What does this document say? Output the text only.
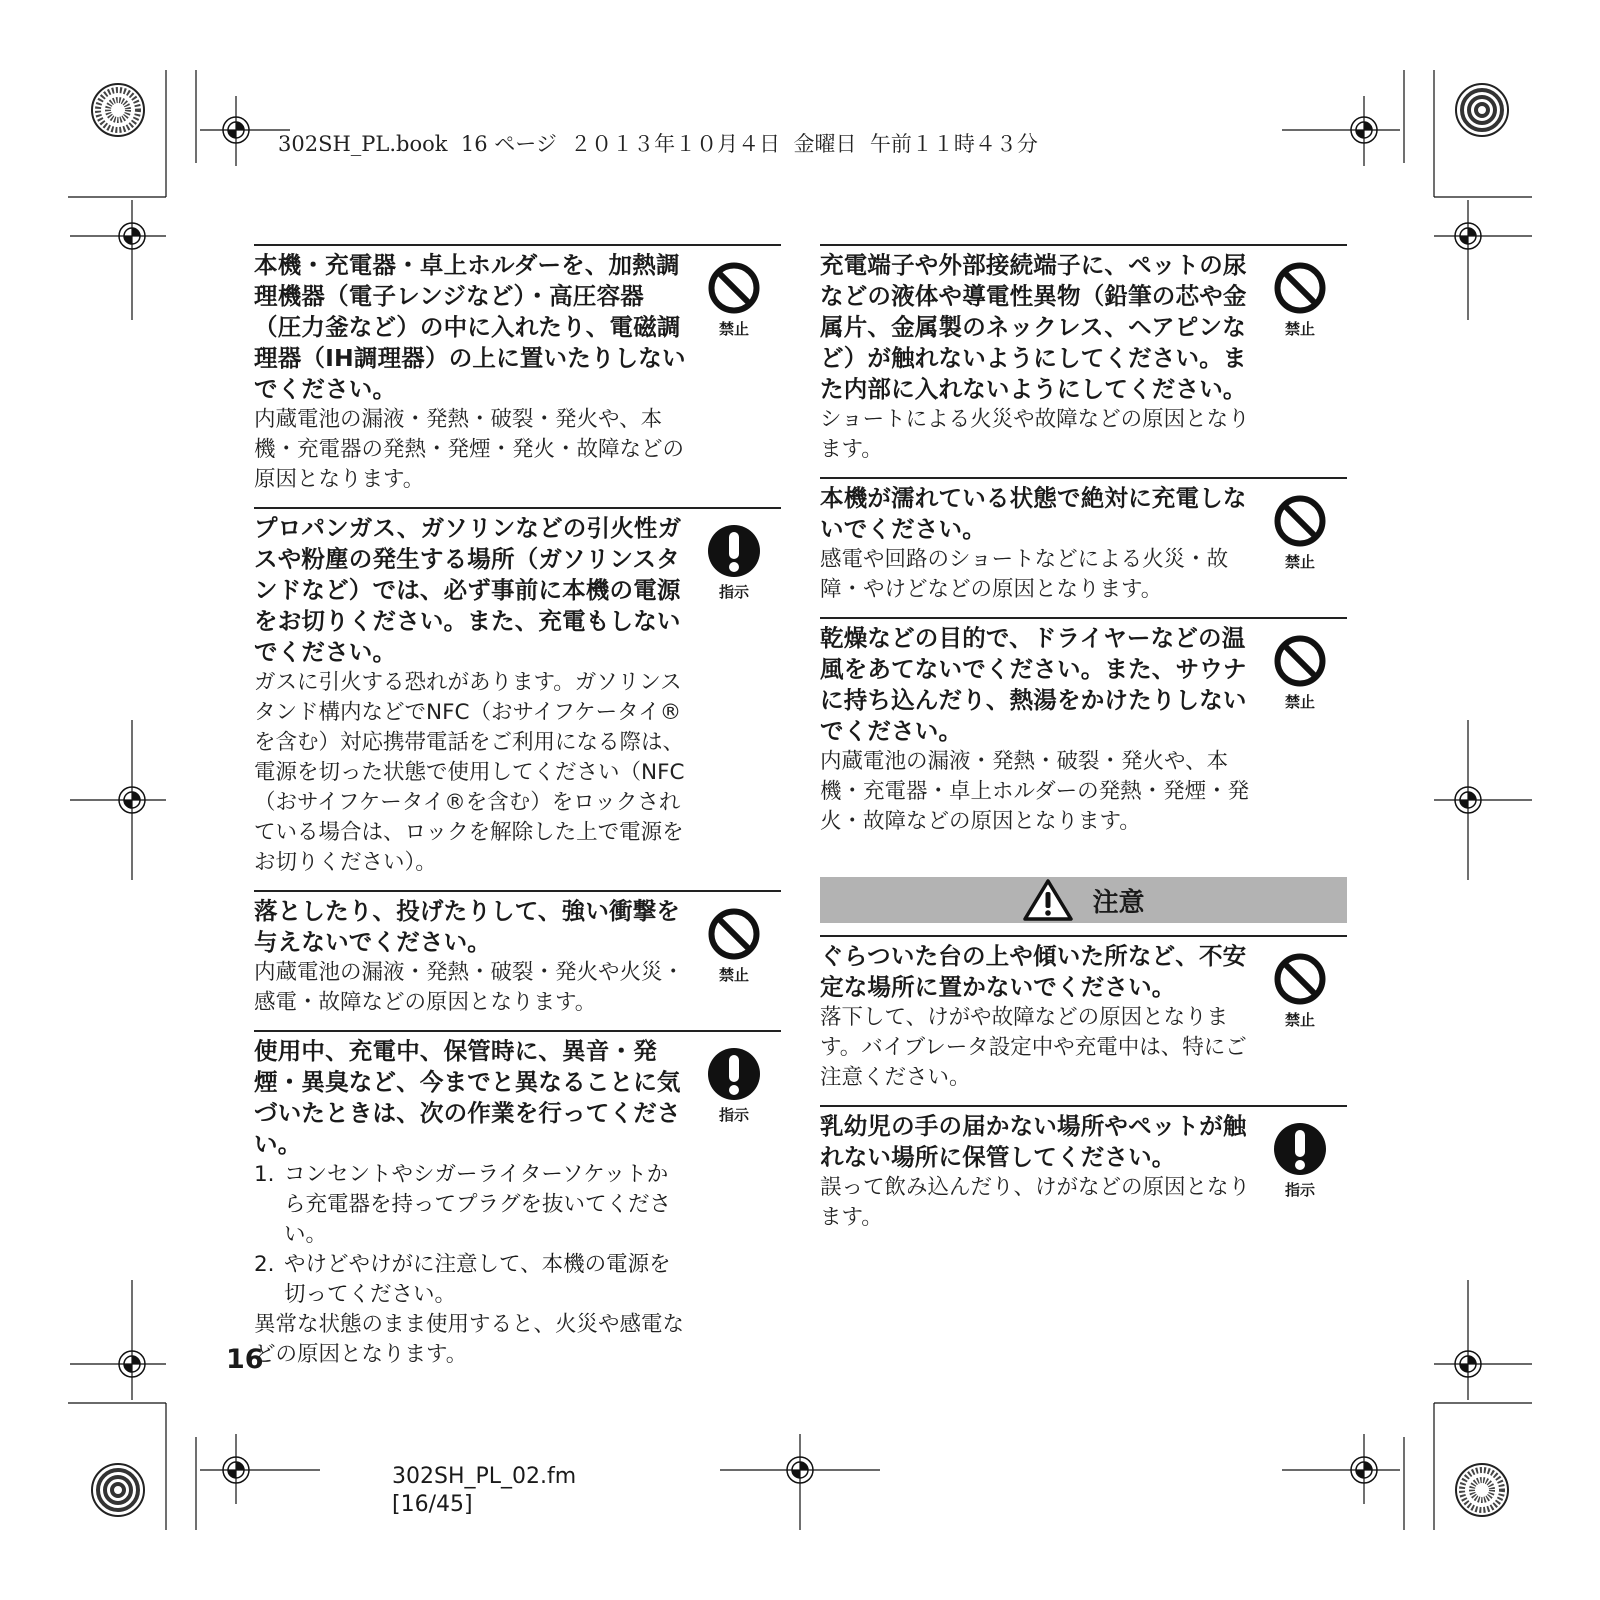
302SH_PL.book  16 ページ  ２０１３年１０月４日  金曜日  午前１１時４３分
本機・充電器・卓上ホルダーを、加熱調理機器（電子レンジなど）・高圧容器（圧力釜など）の中に入れたり、電磁調理器（IH調理器）の上に置いたりしないでください。
内蔵電池の漏液・発熱・破裂・発火や、本機・充電器の発熱・発煙・発火・故障などの原因となります。
禁止
プロパンガス、ガソリンなどの引火性ガスや粉塵の発生する場所（ガソリンスタンドなど）では、必ず事前に本機の電源をお切りください。また、充電もしないでください。
ガスに引火する恐れがあります。ガソリンスタンド構内などでNFC（おサイフケータイ®を含む）対応携帯電話をご利用になる際は、電源を切った状態で使用してください（NFC（おサイフケータイ®を含む）をロックされている場合は、ロックを解除した上で電源をお切りください）。
指示
落としたり、投げたりして、強い衝撃を与えないでください。
内蔵電池の漏液・発熱・破裂・発火や火災・感電・故障などの原因となります。
禁止
使用中、充電中、保管時に、異音・発煙・異臭など、今までと異なることに気づいたときは、次の作業を行ってください。
1. コンセントやシガーライターソケットから充電器を持ってプラグを抜いてください。
2. やけどやけがに注意して、本機の電源を切ってください。
異常な状態のまま使用すると、火災や感電などの原因となります。
指示
充電端子や外部接続端子に、ペットの尿などの液体や導電性異物（鉛筆の芯や金属片、金属製のネックレス、ヘアピンなど）が触れないようにしてください。また内部に入れないようにしてください。
ショートによる火災や故障などの原因となります。
禁止
本機が濡れている状態で絶対に充電しないでください。
感電や回路のショートなどによる火災・故障・やけどなどの原因となります。
禁止
乾燥などの目的で、ドライヤーなどの温風をあてないでください。また、サウナに持ち込んだり、熱湯をかけたりしないでください。
内蔵電池の漏液・発熱・破裂・発火や、本機・充電器・卓上ホルダーの発熱・発煙・発火・故障などの原因となります。
禁止
注意
ぐらついた台の上や傾いた所など、不安定な場所に置かないでください。
落下して、けがや故障などの原因となります。バイブレータ設定中や充電中は、特にご注意ください。
禁止
乳幼児の手の届かない場所やペットが触れない場所に保管してください。
誤って飲み込んだり、けがなどの原因となります。
指示
16
302SH_PL_02.fm
[16/45]
